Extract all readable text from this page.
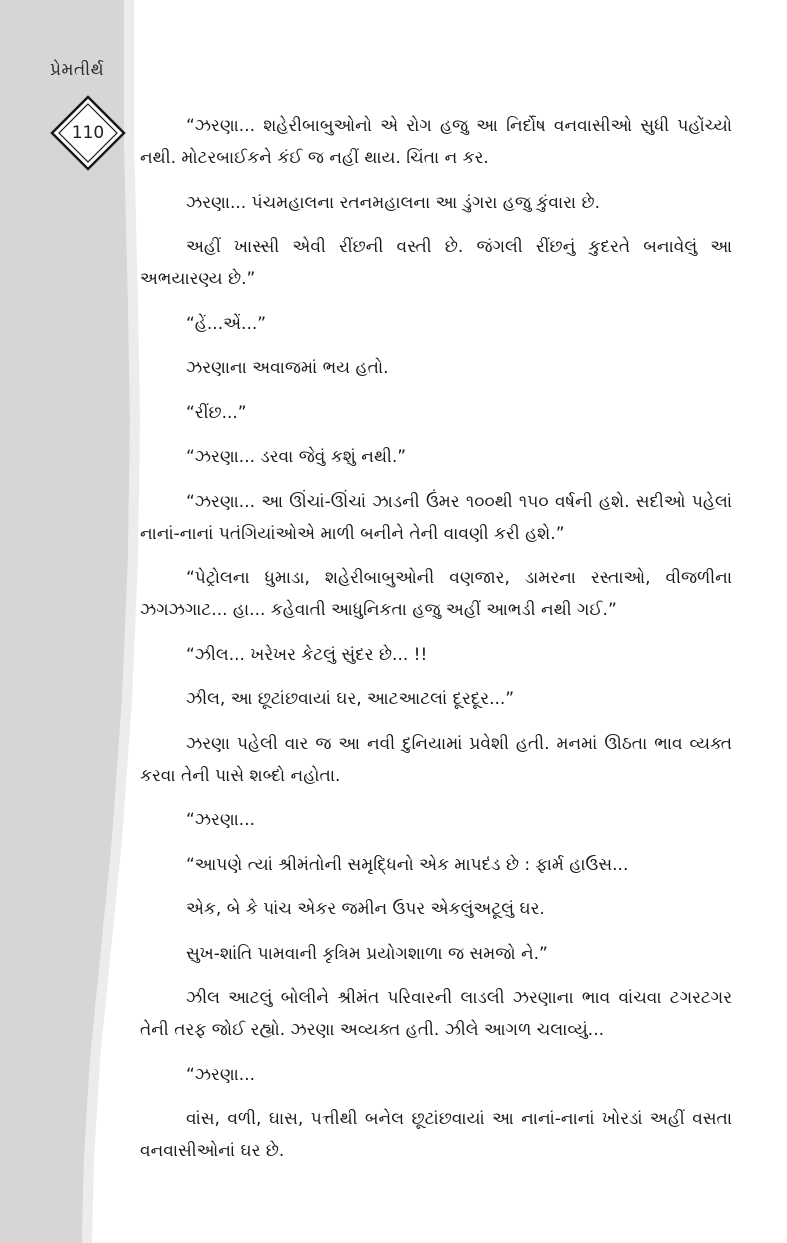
પ્રેમતીર્થ
110	“ઝરણા... શહેરીબાબુઓનો એ રોગ હજુ આ નિર્દોષ વનવાસીઓ સુધી પહોંચ્યો નથી. મોટરબાઈકને કંઈ જ નહીં થાય. ચિંતા ન કર.

ઝરણા... પંચમહાલના રતનમહાલના આ ડુંગરા હજુ કુંવારા છે.

અહીં ખાસ્સી એવી રીંછની વસ્તી છે. જંગલી રીંછનું કુદરતે બનાવેલું આ અભયારણ્ય છે.”

“હેં...એં...”

ઝરણાના અવાજમાં ભય હતો.

“રીંછ...”

“ઝરણા... ડરવા જેવું કશું નથી.”

“ઝરણા... આ ઊંચાં-ઊંચાં ઝાડની ઉંમર ૧૦૦થી ૧૫૦ વર્ષની હશે. સદીઓ પહેલાં નાનાં-નાનાં પતંગિયાંઓએ માળી બનીને તેની વાવણી કરી હશે.”

“પેટ્રોલના ધુમાડા, શહેરીબાબુઓની વણજાર, ડામરના રસ્તાઓ, વીજળીના ઝગઝગાટ... હા... કહેવાતી આધુનિકતા હજુ અહીં આભડી નથી ગઈ.”

“ઝીલ... ખરેખર કેટલું સુંદર છે... !!

ઝીલ, આ છૂટાંછવાયાં ઘર, આટઆટલાં દૂરદૂર...”

ઝરણા પહેલી વાર જ આ નવી દુનિયામાં પ્રવેશી હતી. મનમાં ઊઠતા ભાવ વ્યક્ત કરવા તેની પાસે શબ્દો નહોતા.

“ઝરણા...

“આપણે ત્યાં શ્રીમંતોની સમૃદ્ધિનો એક માપદંડ છે : ફાર્મ હાઉસ...

એક, બે કે પાંચ એકર જમીન ઉપર એકલુંઅટૂલું ઘર.

સુખ-શાંતિ પામવાની કૃત્રિમ પ્રયોગશાળા જ સમજો ને.”

ઝીલ આટલું બોલીને શ્રીમંત પરિવારની લાડલી ઝરણાના ભાવ વાંચવા ટગરટગર તેની તરફ જોઈ રહ્યો. ઝરણા અવ્યક્ત હતી. ઝીલે આગળ ચલાવ્યું...

“ઝરણા...

વાંસ, વળી, ઘાસ, પત્તીથી બનેલ છૂટાંછવાયાં આ નાનાં-નાનાં ખોરડાં અહીં વસતા વનવાસીઓનાં ઘર છે.
